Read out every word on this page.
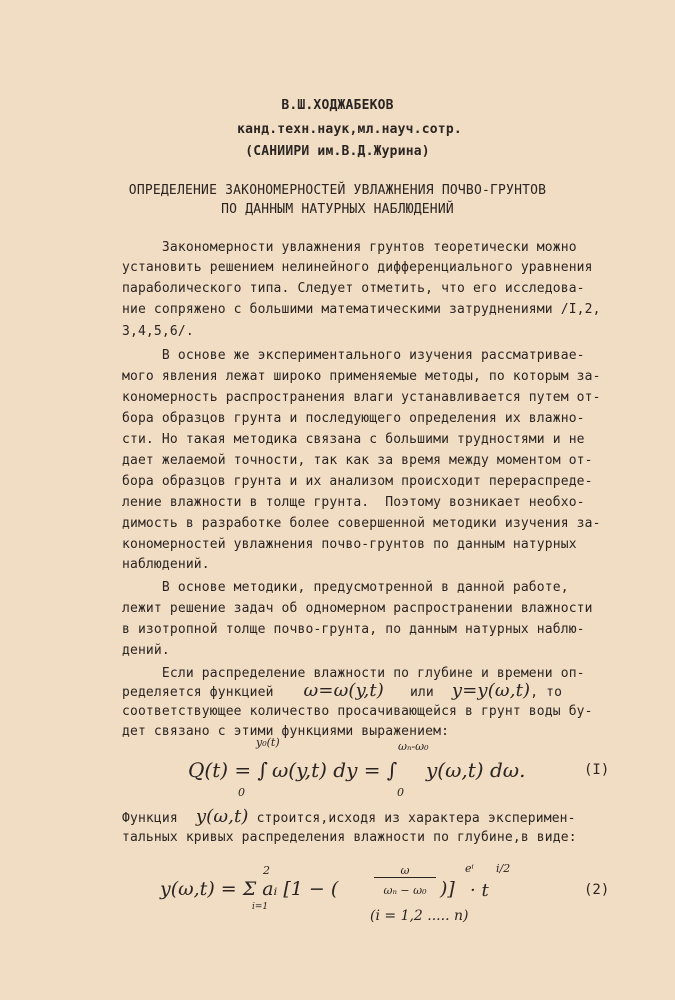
В.Ш.ХОДЖАБЕКОВ
канд.техн.наук,мл.науч.сотр.
(САНИИРИ им.В.Д.Журина)
ОПРЕДЕЛЕНИЕ ЗАКОНОМЕРНОСТЕЙ УВЛАЖНЕНИЯ ПОЧВО-ГРУНТОВ
ПО ДАННЫМ НАТУРНЫХ НАБЛЮДЕНИЙ
Закономерности увлажнения грунтов теоретически можно
установить решением нелинейного дифференциального уравнения
параболического типа. Следует отметить, что его исследова-
ние сопряжено с большими математическими затруднениями /I,2,
3,4,5,6/.
В основе же экспериментального изучения рассматривае-
мого явления лежат широко применяемые методы, по которым за-
кономерность распространения влаги устанавливается путем от-
бора образцов грунта и последующего определения их влажно-
сти. Но такая методика связана с большими трудностями и не
дает желаемой точности, так как за время между моментом от-
бора образцов грунта и их анализом происходит перераспреде-
ление влажности в толще грунта.  Поэтому возникает необхо-
димость в разработке более совершенной методики изучения за-
кономерностей увлажнения почво-грунтов по данным натурных
наблюдений.
В основе методики, предусмотренной в данной работе,
лежит решение задач об одномерном распространении влажности
в изотропной толще почво-грунта, по данным натурных наблю-
дений.
Если распределение влажности по глубине и времени оп-
ределяется функцией ω=ω(y,t) или y=y(ω,t), то
соответствующее количество просачивающейся в грунт воды бу-
дет связано с этими функциями выражением:
y₀(t)
Q(t) = ∫
0
ω(y,t) dy = ∫
ωₙ-ω₀
0
y(ω,t) dω.	(I)
Функция y(ω,t) строится,исходя из характера эксперимен-
тальных кривых распределения влажности по глубине,в виде:
2
y(ω,t) = Σ aᵢ [1 − (
i=1
ω
ωₙ − ω₀ )]
eⁱ
· t
i/2
(i = 1,2 ..... n)
(2)
